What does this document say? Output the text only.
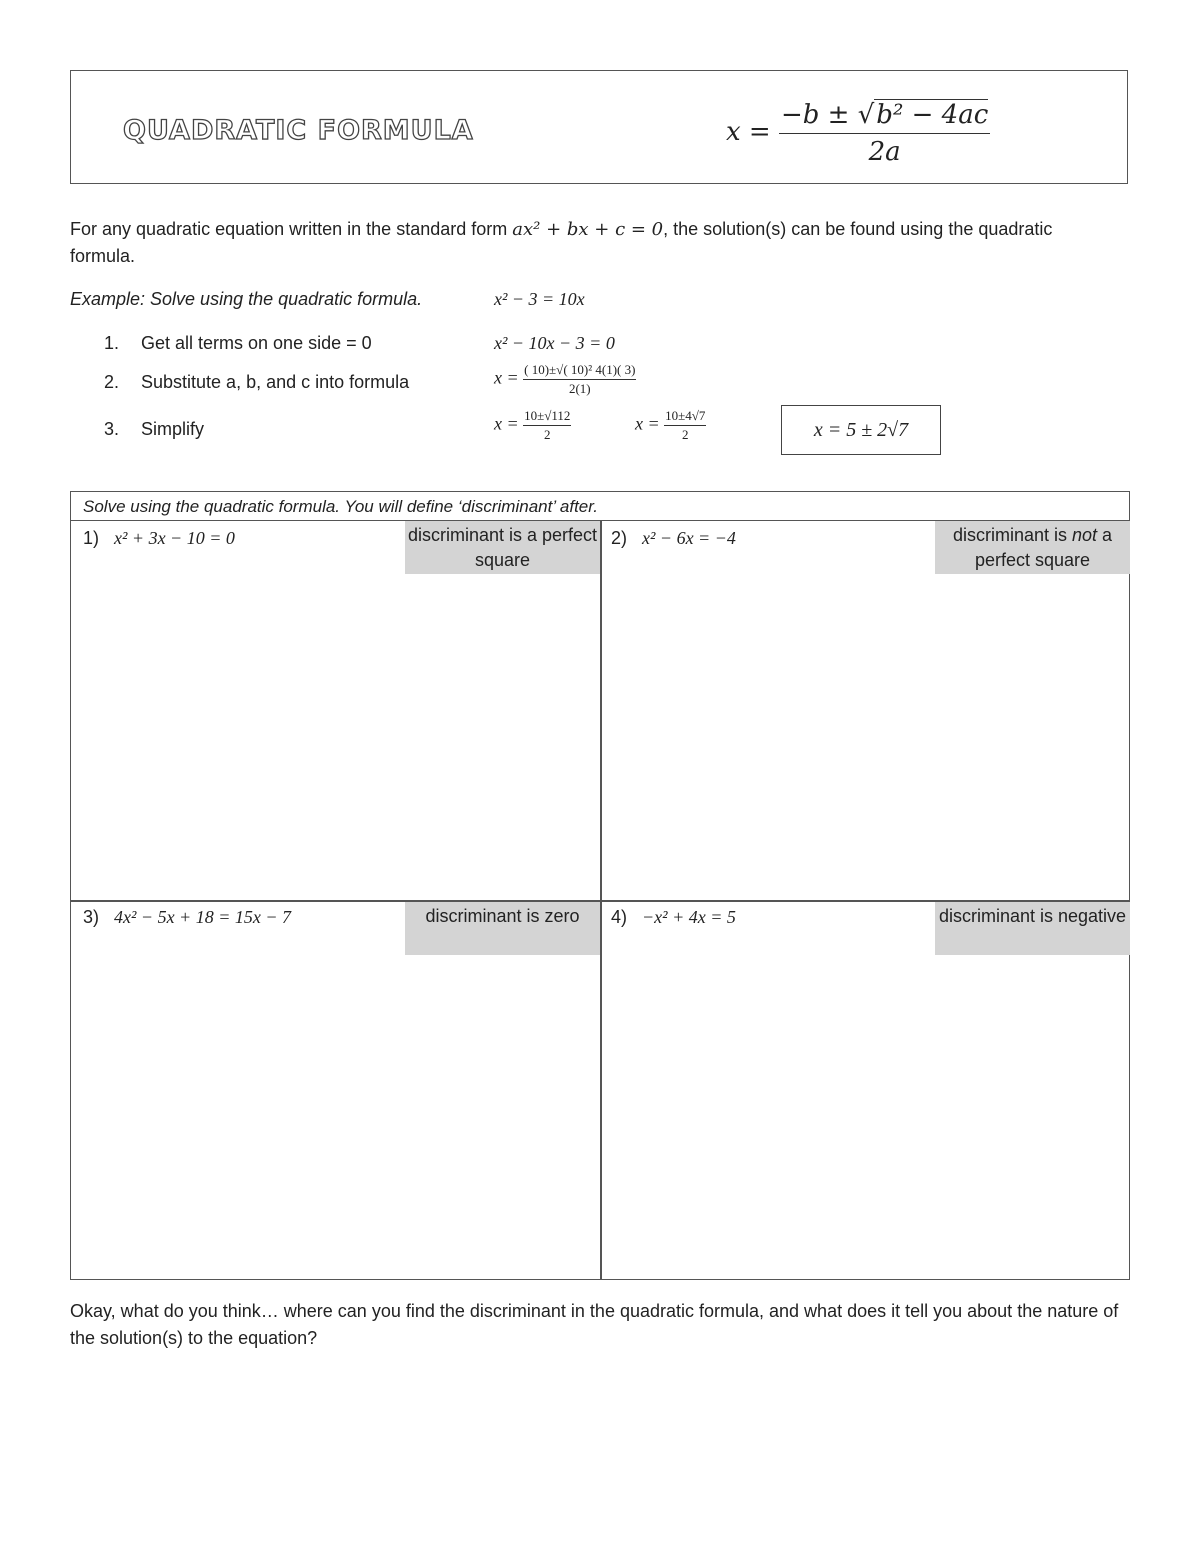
QUADRATIC FORMULA	$x = \frac{\text{−b ± √b² − 4ac}}{2a}$
For any quadratic equation written in the standard form ax² + bx + c = 0, the solution(s) can be found using the quadratic formula.
Example: Solve using the quadratic formula.	x² − 3 = 10x
1. Get all terms on one side = 0	x² − 10x − 3 = 0
2. Substitute a, b, and c into formula	$x = \frac{\text{( 10)±√( 10)² 4(1)( 3)}}{2(1)}$
3. Simplify	$x = \frac{10\pm√112}{2}$	$x = \frac{10\pm 4√7}{2}$	x = 5 ± 2√7
Solve using the quadratic formula. You will define ‘discriminant’ after.
1) x² + 3x − 10 = 0	discriminant is a perfect square
2) x² − 6x = −4	discriminant is not a perfect square
3) 4x² − 5x + 18 = 15x − 7	discriminant is zero	4) −x² + 4x = 5	discriminant is negative
Okay, what do you think… where can you find the discriminant in the quadratic formula, and what does it tell you about the nature of the solution(s) to the equation?
